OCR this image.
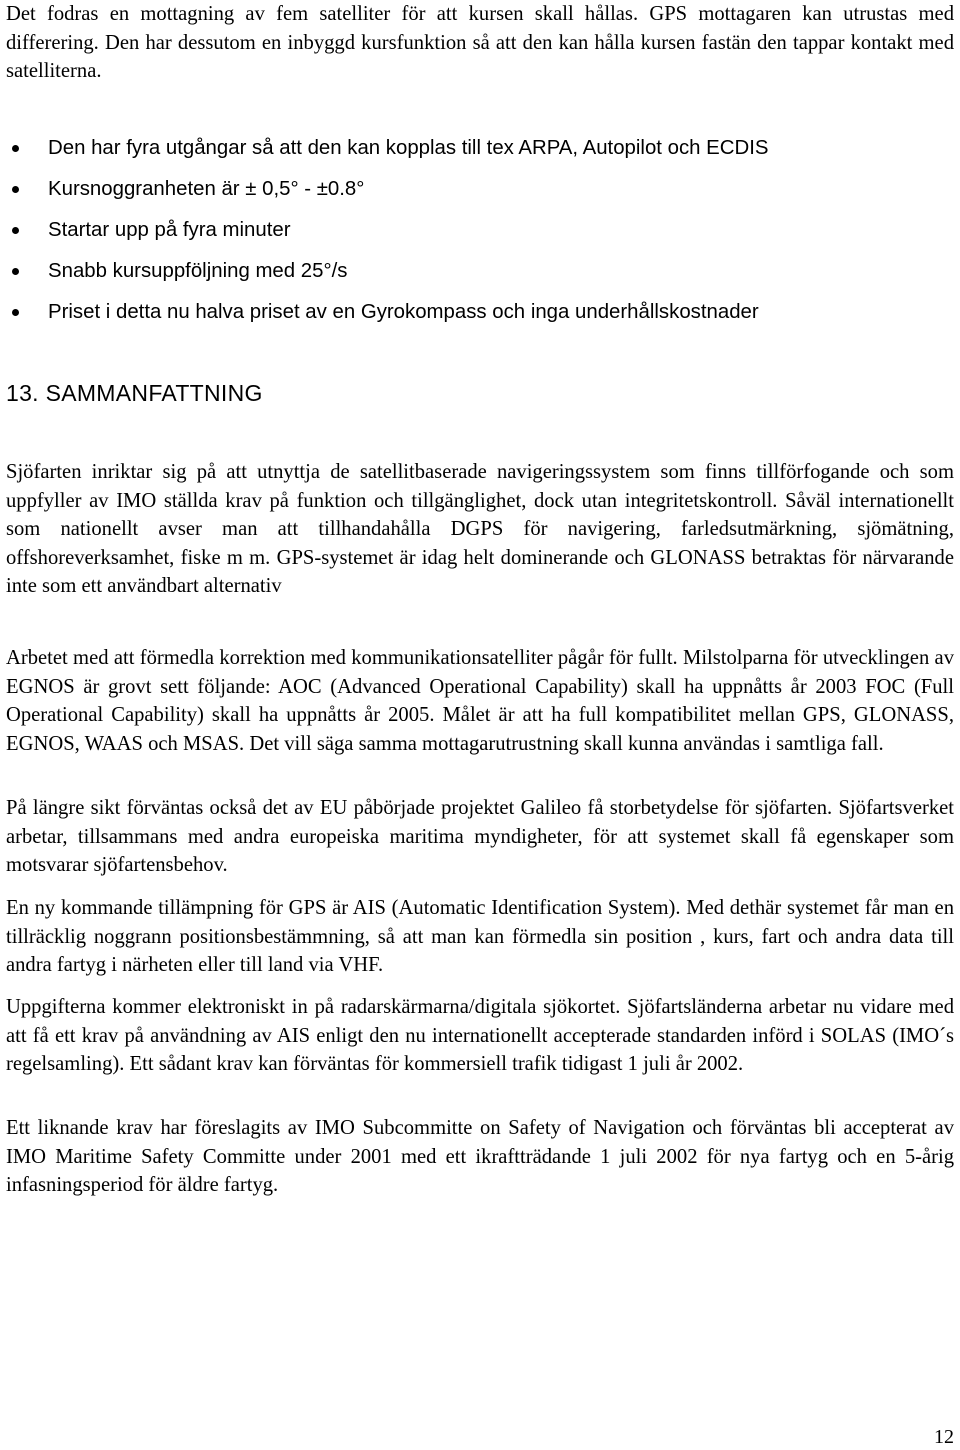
Det fodras en mottagning av fem satelliter för att kursen skall hållas. GPS mottagaren kan utrustas med differering. Den har dessutom en inbyggd kursfunktion så att den kan hålla kursen fastän den tappar kontakt med satelliterna.

Den har fyra utgångar så att den kan kopplas till tex ARPA, Autopilot och ECDIS
Kursnoggranheten är ± 0,5° - ±0.8°
Startar upp på fyra minuter
Snabb kursuppföljning med 25°/s
Priset i detta nu halva priset av en Gyrokompass och inga underhållskostnader
13. SAMMANFATTNING

Sjöfarten inriktar sig på att utnyttja de satellitbaserade navigeringssystem som finns tillförfogande och som uppfyller av IMO ställda krav på funktion och tillgänglighet, dock utan integritetskontroll. Såväl internationellt som nationellt avser man att tillhandahålla DGPS för navigering, farledsutmärkning, sjömätning, offshoreverksamhet, fiske m m. GPS-systemet är idag helt dominerande och GLONASS betraktas för närvarande inte som ett användbart alternativ

Arbetet med att förmedla korrektion med kommunikationsatelliter pågår för fullt. Milstolparna för utvecklingen av EGNOS är grovt sett följande: AOC (Advanced Operational Capability) skall ha uppnåtts år 2003 FOC (Full Operational Capability) skall ha uppnåtts år 2005. Målet är att ha full kompatibilitet mellan GPS, GLONASS, EGNOS, WAAS och MSAS. Det vill säga samma mottagarutrustning skall kunna användas i samtliga fall.

På längre sikt förväntas också det av EU påbörjade projektet Galileo få storbetydelse för sjöfarten. Sjöfartsverket arbetar, tillsammans med andra europeiska maritima myndigheter, för att systemet skall få egenskaper som motsvarar sjöfartensbehov.

En ny kommande tillämpning för GPS är AIS (Automatic Identification System). Med dethär systemet får man en tillräcklig noggrann positionsbestämmning, så att man kan förmedla sin position , kurs, fart och andra data till andra fartyg i närheten eller till land via VHF.

Uppgifterna kommer elektroniskt in på radarskärmarna/digitala sjökortet. Sjöfartsländerna arbetar nu vidare med att få ett krav på användning av AIS enligt den nu internationellt accepterade standarden införd i SOLAS (IMO´s regelsamling). Ett sådant krav kan förväntas för kommersiell trafik tidigast 1 juli år 2002.

Ett liknande krav har föreslagits av IMO Subcommitte on Safety of Navigation och förväntas bli accepterat av IMO Maritime Safety Committe under 2001 med ett ikraftträdande 1 juli 2002 för nya fartyg och en 5-årig infasningsperiod för äldre fartyg.

12
